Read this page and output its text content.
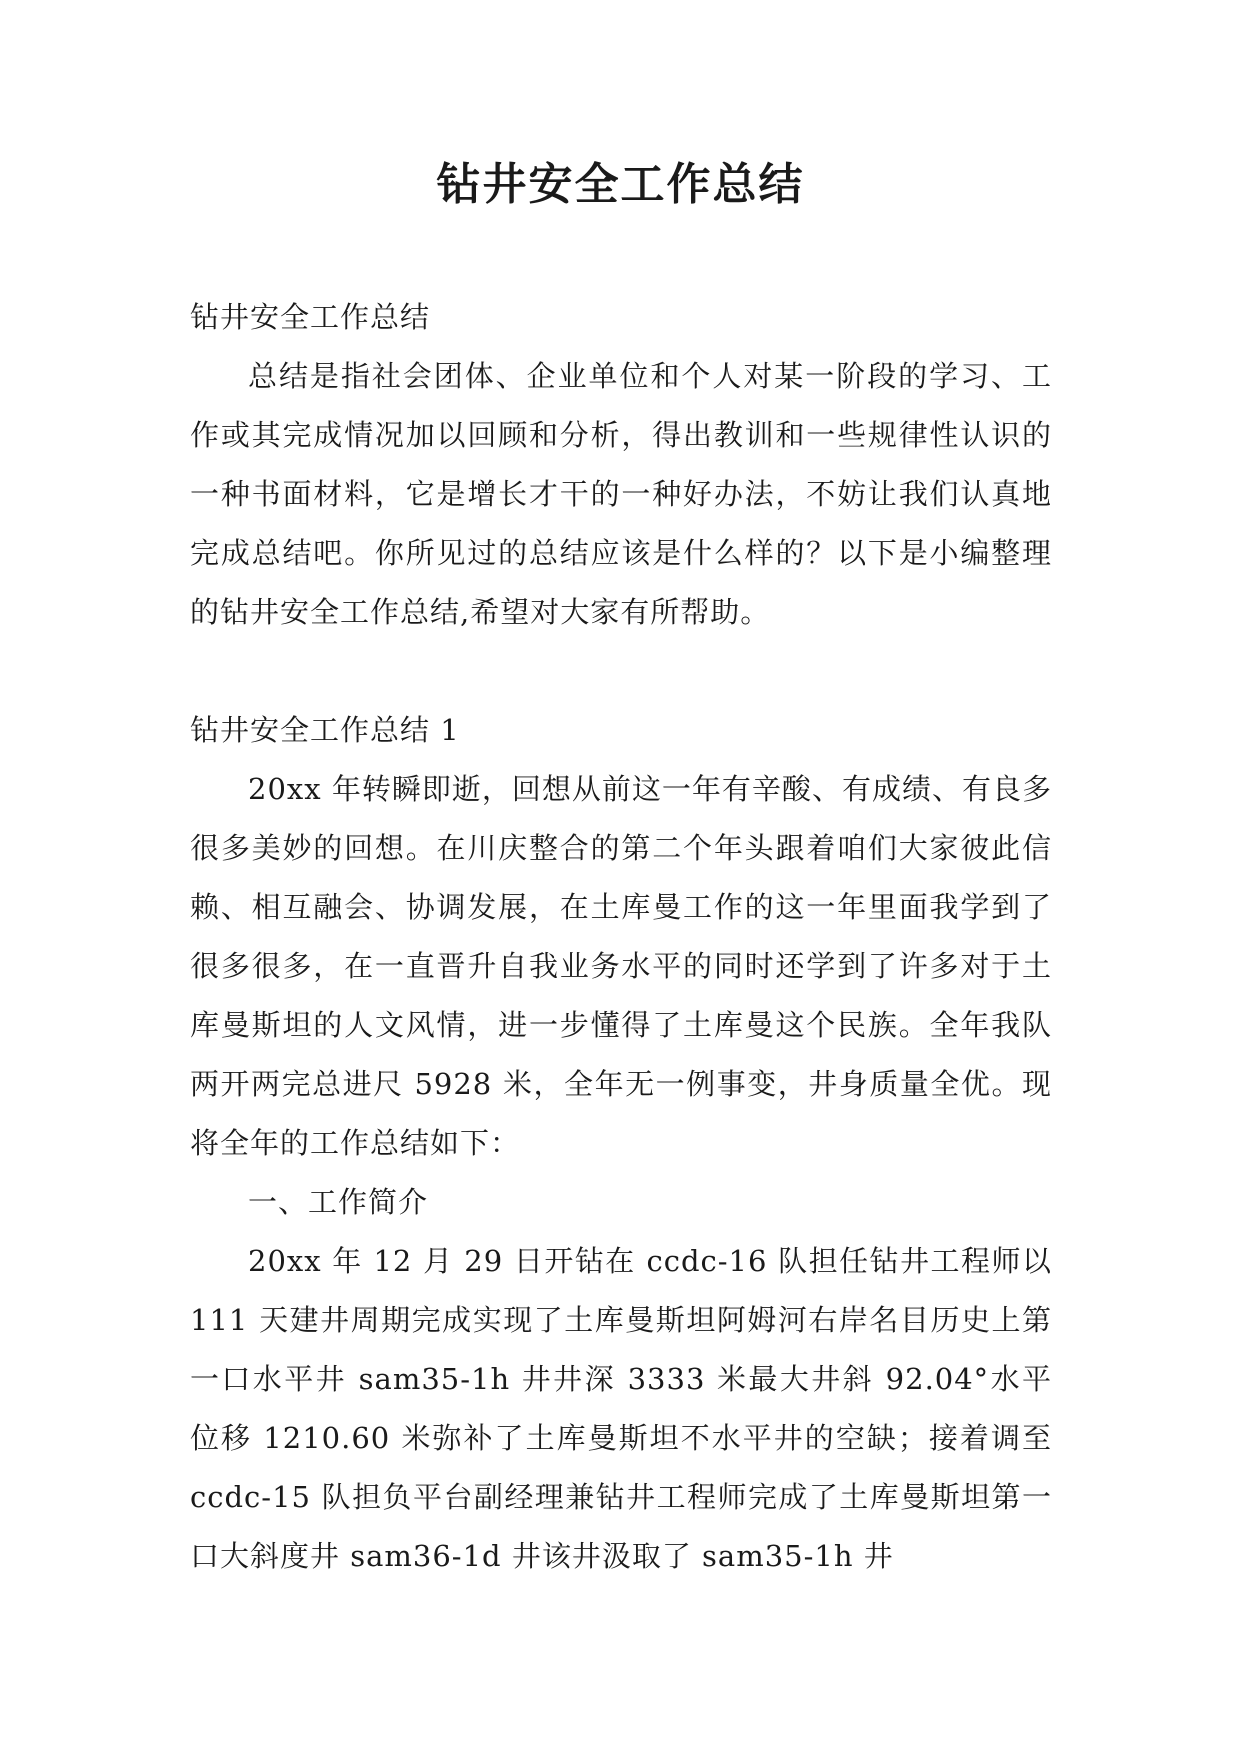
钻井安全工作总结

钻井安全工作总结

总结是指社会团体、企业单位和个人对某一阶段的学习、工作或其完成情况加以回顾和分析，得出教训和一些规律性认识的一种书面材料，它是增长才干的一种好办法，不妨让我们认真地完成总结吧。你所见过的总结应该是什么样的？以下是小编整理的钻井安全工作总结,希望对大家有所帮助。

钻井安全工作总结 1

20xx 年转瞬即逝，回想从前这一年有辛酸、有成绩、有良多很多美妙的回想。在川庆整合的第二个年头跟着咱们大家彼此信赖、相互融会、协调发展，在土库曼工作的这一年里面我学到了很多很多，在一直晋升自我业务水平的同时还学到了许多对于土库曼斯坦的人文风情，进一步懂得了土库曼这个民族。全年我队两开两完总进尺 5928 米，全年无一例事变，井身质量全优。现将全年的工作总结如下：

一、工作简介

20xx 年 12 月 29 日开钻在 ccdc-16 队担任钻井工程师以 111 天建井周期完成实现了土库曼斯坦阿姆河右岸名目历史上第一口水平井 sam35-1h 井井深 3333 米最大井斜 92.04°水平位移 1210.60 米弥补了土库曼斯坦不水平井的空缺；接着调至 ccdc-15 队担负平台副经理兼钻井工程师完成了土库曼斯坦第一口大斜度井 sam36-1d 井该井汲取了 sam35-1h 井
